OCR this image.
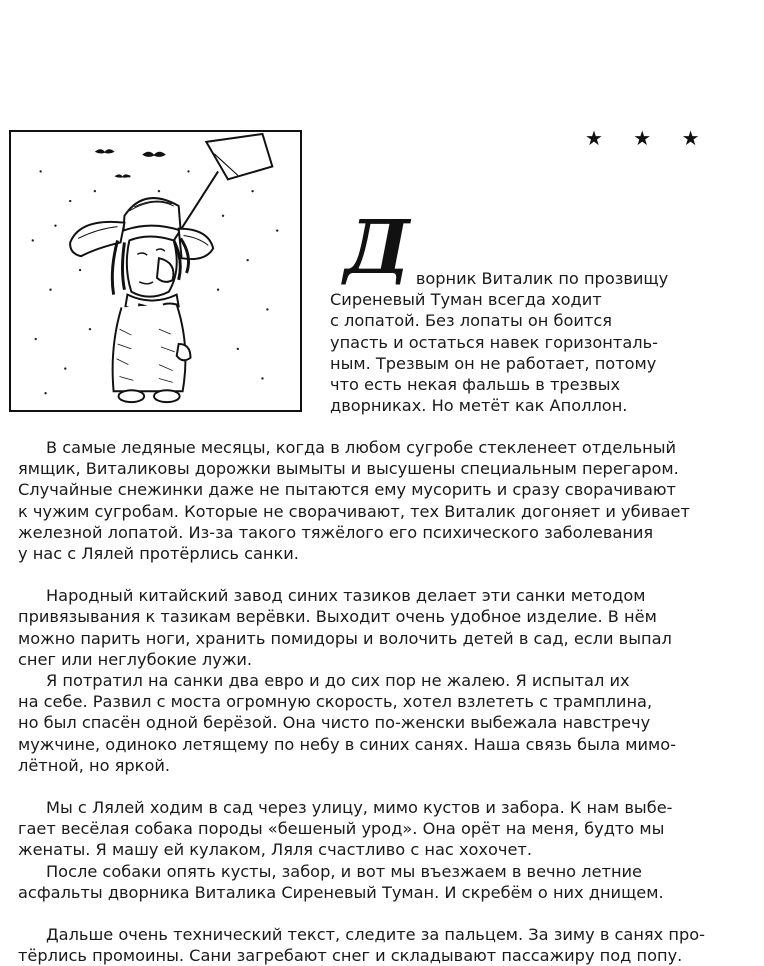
★ ★ ★
Д ворник Виталик по прозвищу
Сиреневый Туман всегда ходит
с лопатой. Без лопаты он боится
упасть и остаться навек горизонталь-
ным. Трезвым он не работает, потому
что есть некая фальшь в трезвых
дворниках. Но метёт как Аполлон.

В самые ледяные месяцы, когда в любом сугробе стекленеет отдельный
ямщик, Виталиковы дорожки вымыты и высушены специальным перегаром.
Случайные снежинки даже не пытаются ему мусорить и сразу сворачивают
к чужим сугробам. Которые не сворачивают, тех Виталик догоняет и убивает
железной лопатой. Из-за такого тяжёлого его психического заболевания
у нас с Лялей протёрлись санки.

Народный китайский завод синих тазиков делает эти санки методом
привязывания к тазикам верёвки. Выходит очень удобное изделие. В нём
можно парить ноги, хранить помидоры и волочить детей в сад, если выпал
снег или неглубокие лужи.

Я потратил на санки два евро и до сих пор не жалею. Я испытал их
на себе. Развил с моста огромную скорость, хотел взлететь с трамплина,
но был спасён одной берёзой. Она чисто по-женски выбежала навстречу
мужчине, одиноко летящему по небу в синих санях. Наша связь была мимо-
лётной, но яркой.

Мы с Лялей ходим в сад через улицу, мимо кустов и забора. К нам выбе-
гает весёлая собака породы «бешеный урод». Она орёт на меня, будто мы
женаты. Я машу ей кулаком, Ляля счастливо с нас хохочет.

После собаки опять кусты, забор, и вот мы въезжаем в вечно летние
асфальты дворника Виталика Сиреневый Туман. И скребём о них днищем.

Дальше очень технический текст, следите за пальцем. За зиму в санях про-
тёрлись промоины. Сани загребают снег и складывают пассажиру под попу.
